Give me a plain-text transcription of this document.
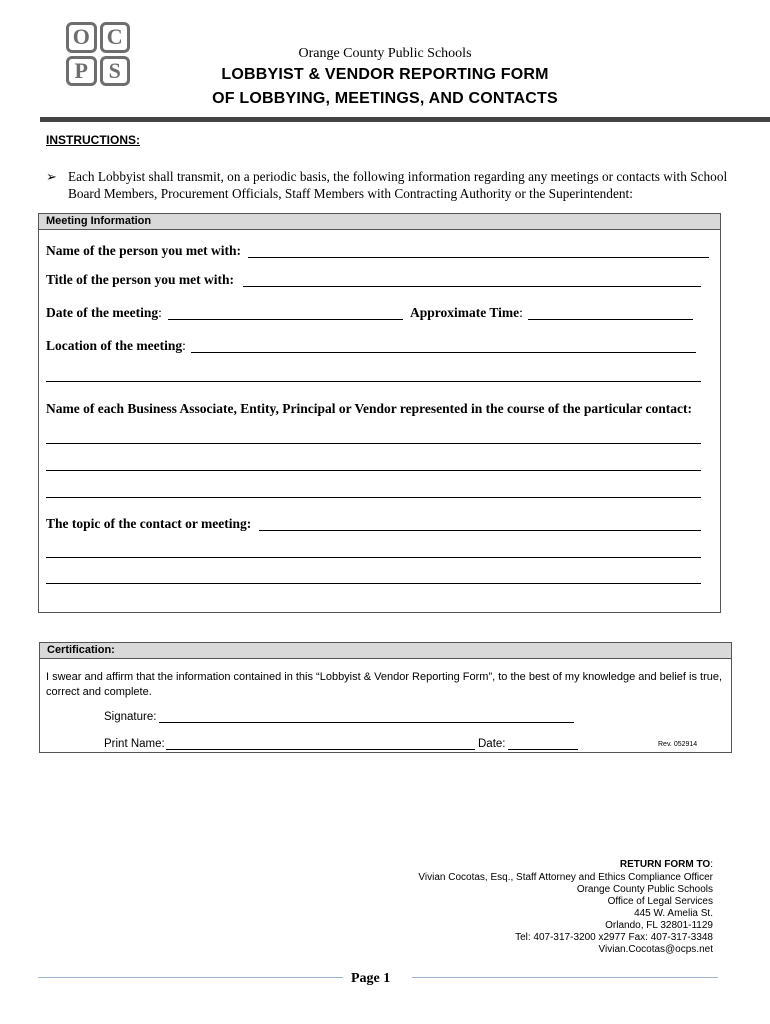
O C
P S
Orange County Public Schools
LOBBYIST & VENDOR REPORTING FORM
OF LOBBYING, MEETINGS, AND CONTACTS
INSTRUCTIONS:
➢ Each Lobbyist shall transmit, on a periodic basis, the following information regarding any meetings or contacts with School Board Members, Procurement Officials, Staff Members with Contracting Authority or the Superintendent:
Meeting Information
Name of the person you met with:
Title of the person you met with:
Date of the meeting:	Approximate Time:
Location of the meeting:
Name of each Business Associate, Entity, Principal or Vendor represented in the course of the particular contact:
The topic of the contact or meeting:
Certification:
I swear and affirm that the information contained in this “Lobbyist & Vendor Reporting Form”, to the best of my knowledge and belief is true, correct and complete.
Signature:
Print Name:	Date:	Rev. 052914
RETURN FORM TO:
Vivian Cocotas, Esq., Staff Attorney and Ethics Compliance Officer
Orange County Public Schools
Office of Legal Services
445 W. Amelia St.
Orlando, FL 32801-1129
Tel: 407-317-3200 x2977 Fax: 407-317-3348
Vivian.Cocotas@ocps.net
Page 1
